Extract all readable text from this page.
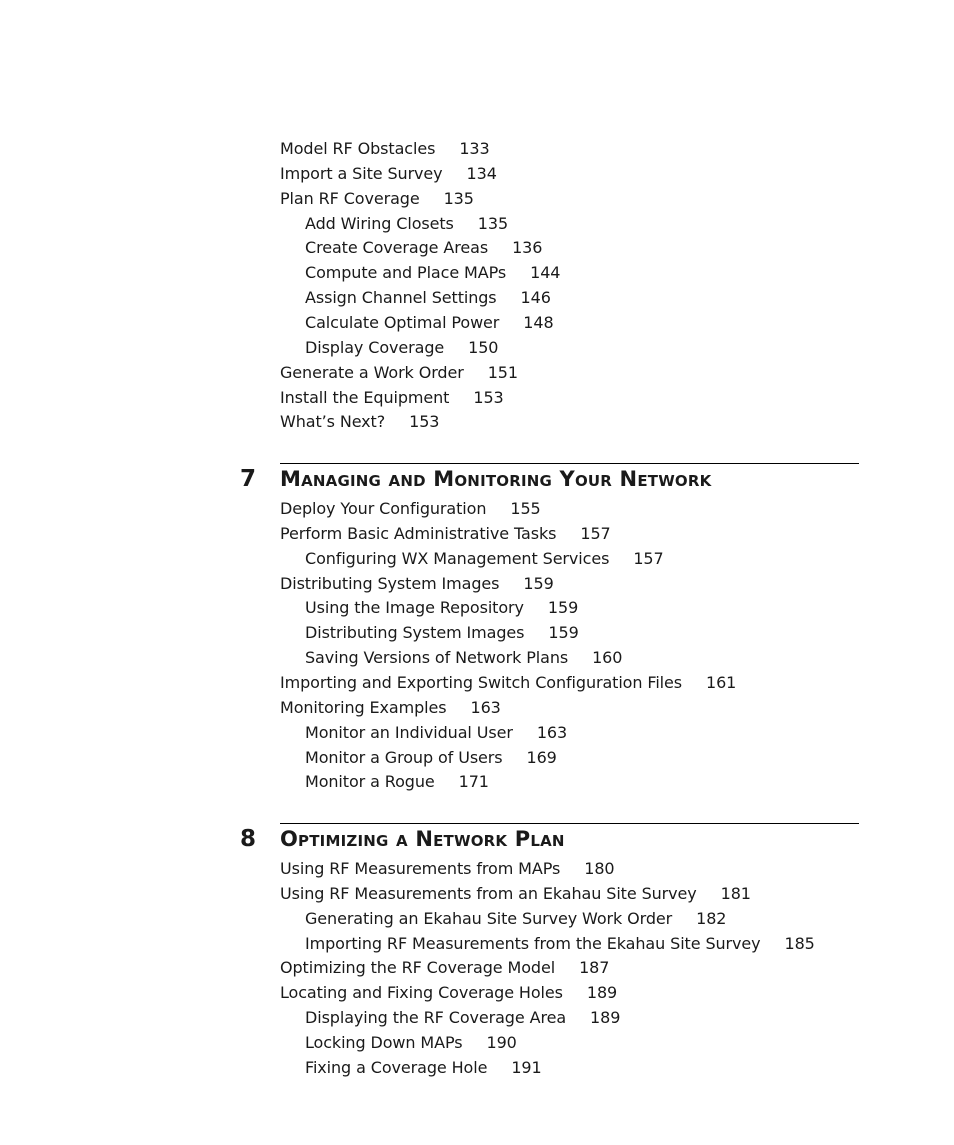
Model RF Obstacles 133
Import a Site Survey 134
Plan RF Coverage 135
Add Wiring Closets 135
Create Coverage Areas 136
Compute and Place MAPs 144
Assign Channel Settings 146
Calculate Optimal Power 148
Display Coverage 150
Generate a Work Order 151
Install the Equipment 153
What’s Next? 153
7 Managing and Monitoring Your Network
Deploy Your Configuration 155
Perform Basic Administrative Tasks 157
Configuring WX Management Services 157
Distributing System Images 159
Using the Image Repository 159
Distributing System Images 159
Saving Versions of Network Plans 160
Importing and Exporting Switch Configuration Files 161
Monitoring Examples 163
Monitor an Individual User 163
Monitor a Group of Users 169
Monitor a Rogue 171
8 Optimizing a Network Plan
Using RF Measurements from MAPs 180
Using RF Measurements from an Ekahau Site Survey 181
Generating an Ekahau Site Survey Work Order 182
Importing RF Measurements from the Ekahau Site Survey 185
Optimizing the RF Coverage Model 187
Locating and Fixing Coverage Holes 189
Displaying the RF Coverage Area 189
Locking Down MAPs 190
Fixing a Coverage Hole 191
